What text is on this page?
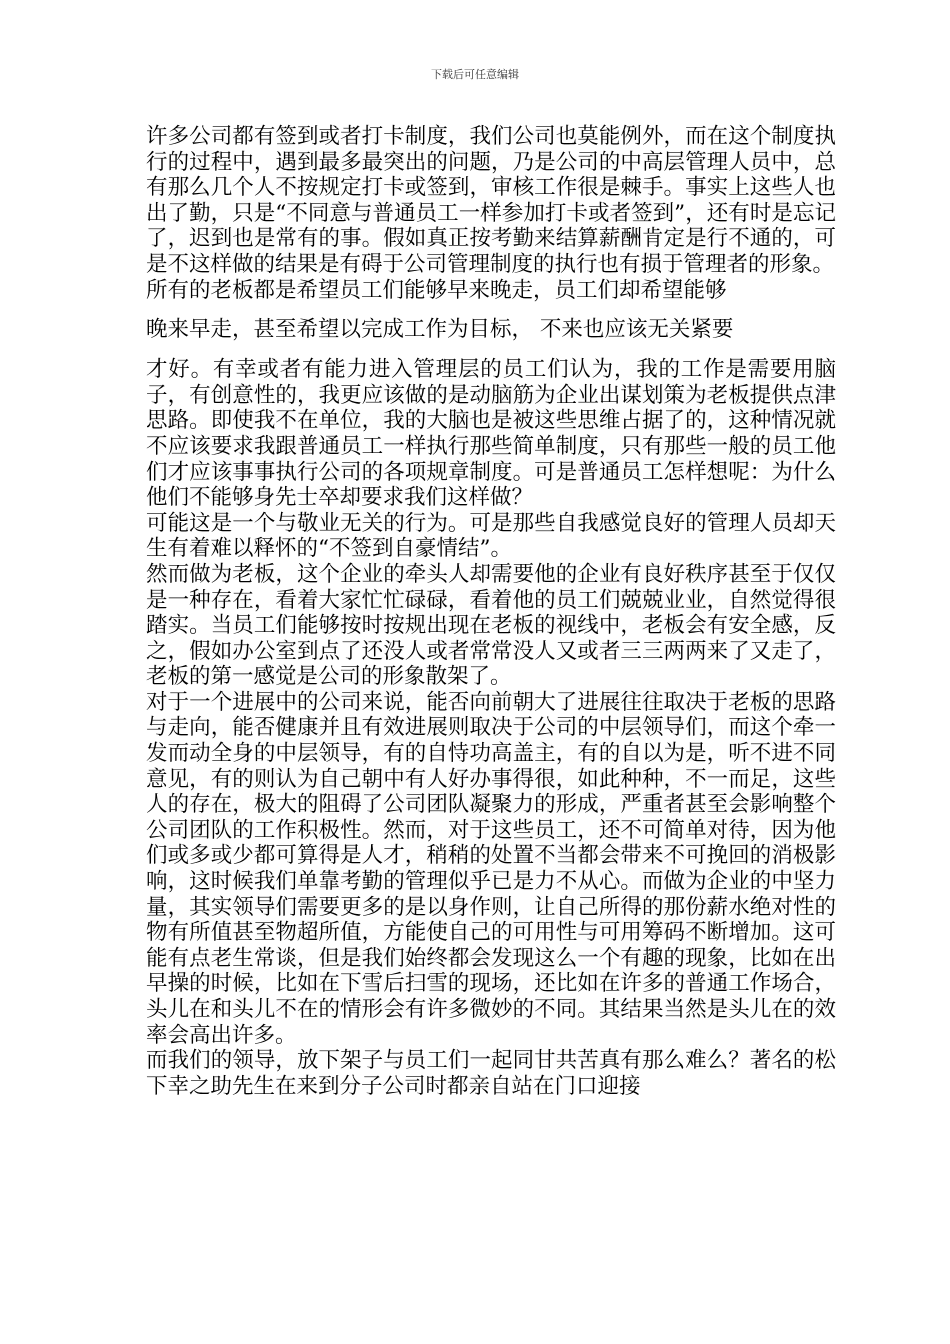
下载后可任意编辑

许多公司都有签到或者打卡制度，我们公司也莫能例外，而在这个制度执行的过程中，遇到最多最突出的问题，乃是公司的中高层管理人员中，总有那么几个人不按规定打卡或签到，审核工作很是棘手。事实上这些人也出了勤，只是“不同意与普通员工一样参加打卡或者签到”，还有时是忘记了，迟到也是常有的事。假如真正按考勤来结算薪酬肯定是行不通的，可是不这样做的结果是有碍于公司管理制度的执行也有损于管理者的形象。

所有的老板都是希望员工们能够早来晚走，员工们却希望能够

晚来早走，甚至希望以完成工作为目标， 不来也应该无关紧要

才好。有幸或者有能力进入管理层的员工们认为，我的工作是需要用脑子，有创意性的，我更应该做的是动脑筋为企业出谋划策为老板提供点津思路。即使我不在单位，我的大脑也是被这些思维占据了的，这种情况就不应该要求我跟普通员工一样执行那些简单制度，只有那些一般的员工他们才应该事事执行公司的各项规章制度。可是普通员工怎样想呢：为什么他们不能够身先士卒却要求我们这样做？

可能这是一个与敬业无关的行为。可是那些自我感觉良好的管理人员却天生有着难以释怀的“不签到自豪情结”。

然而做为老板，这个企业的牵头人却需要他的企业有良好秩序甚至于仅仅是一种存在，看着大家忙忙碌碌，看着他的员工们兢兢业业，自然觉得很踏实。当员工们能够按时按规出现在老板的视线中，老板会有安全感，反之，假如办公室到点了还没人或者常常没人又或者三三两两来了又走了，老板的第一感觉是公司的形象散架了。

对于一个进展中的公司来说，能否向前朝大了进展往往取决于老板的思路与走向，能否健康并且有效进展则取决于公司的中层领导们，而这个牵一发而动全身的中层领导，有的自恃功高盖主，有的自以为是，听不进不同意见，有的则认为自己朝中有人好办事得很，如此种种，不一而足，这些人的存在，极大的阻碍了公司团队凝聚力的形成，严重者甚至会影响整个公司团队的工作积极性。然而，对于这些员工，还不可简单对待，因为他们或多或少都可算得是人才，稍稍的处置不当都会带来不可挽回的消极影响，这时候我们单靠考勤的管理似乎已是力不从心。而做为企业的中坚力量，其实领导们需要更多的是以身作则，让自己所得的那份薪水绝对性的物有所值甚至物超所值，方能使自己的可用性与可用筹码不断增加。这可能有点老生常谈，但是我们始终都会发现这么一个有趣的现象，比如在出早操的时候，比如在下雪后扫雪的现场，还比如在许多的普通工作场合，头儿在和头儿不在的情形会有许多微妙的不同。其结果当然是头儿在的效率会高出许多。

而我们的领导，放下架子与员工们一起同甘共苦真有那么难么？著名的松下幸之助先生在来到分子公司时都亲自站在门口迎接
